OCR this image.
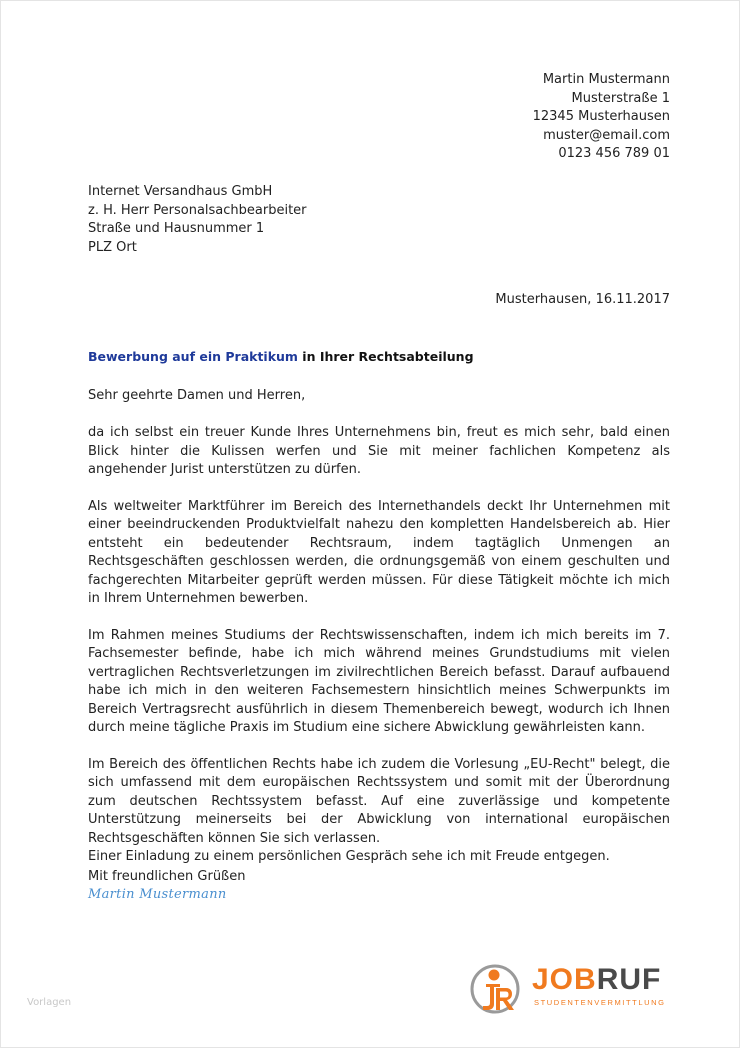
Martin Mustermann
Musterstraße 1
12345 Musterhausen
muster@email.com
0123 456 789 01
Internet Versandhaus GmbH
z. H. Herr Personalsachbearbeiter
Straße und Hausnummer 1
PLZ Ort
Musterhausen, 16.11.2017
Bewerbung auf ein Praktikum in Ihrer Rechtsabteilung
Sehr geehrte Damen und Herren,

da ich selbst ein treuer Kunde Ihres Unternehmens bin, freut es mich sehr, bald einen Blick hinter die Kulissen werfen und Sie mit meiner fachlichen Kompetenz als angehender Jurist unterstützen zu dürfen.

Als weltweiter Marktführer im Bereich des Internethandels deckt Ihr Unternehmen mit einer beeindruckenden Produktvielfalt nahezu den kompletten Handelsbereich ab. Hier entsteht ein bedeutender Rechtsraum, indem tagtäglich Unmengen an Rechtsgeschäften geschlossen werden, die ordnungsgemäß von einem geschulten und fachgerechten Mitarbeiter geprüft werden müssen. Für diese Tätigkeit möchte ich mich in Ihrem Unternehmen bewerben.

Im Rahmen meines Studiums der Rechtswissenschaften, indem ich mich bereits im 7. Fachsemester befinde, habe ich mich während meines Grundstudiums mit vielen vertraglichen Rechtsverletzungen im zivilrechtlichen Bereich befasst. Darauf aufbauend habe ich mich in den weiteren Fachsemestern hinsichtlich meines Schwerpunkts im Bereich Vertragsrecht ausführlich in diesem Themenbereich bewegt, wodurch ich Ihnen durch meine tägliche Praxis im Studium eine sichere Abwicklung gewährleisten kann.

Im Bereich des öffentlichen Rechts habe ich zudem die Vorlesung „EU-Recht" belegt, die sich umfassend mit dem europäischen Rechtssystem und somit mit der Überordnung zum deutschen Rechtssystem befasst. Auf eine zuverlässige und kompetente Unterstützung meinerseits bei der Abwicklung von international europäischen Rechtsgeschäften können Sie sich verlassen.

Einer Einladung zu einem persönlichen Gespräch sehe ich mit Freude entgegen.

Mit freundlichen Grüßen
Martin Mustermann
Vorlagen
JOBRUF
STUDENTENVERMITTLUNG
